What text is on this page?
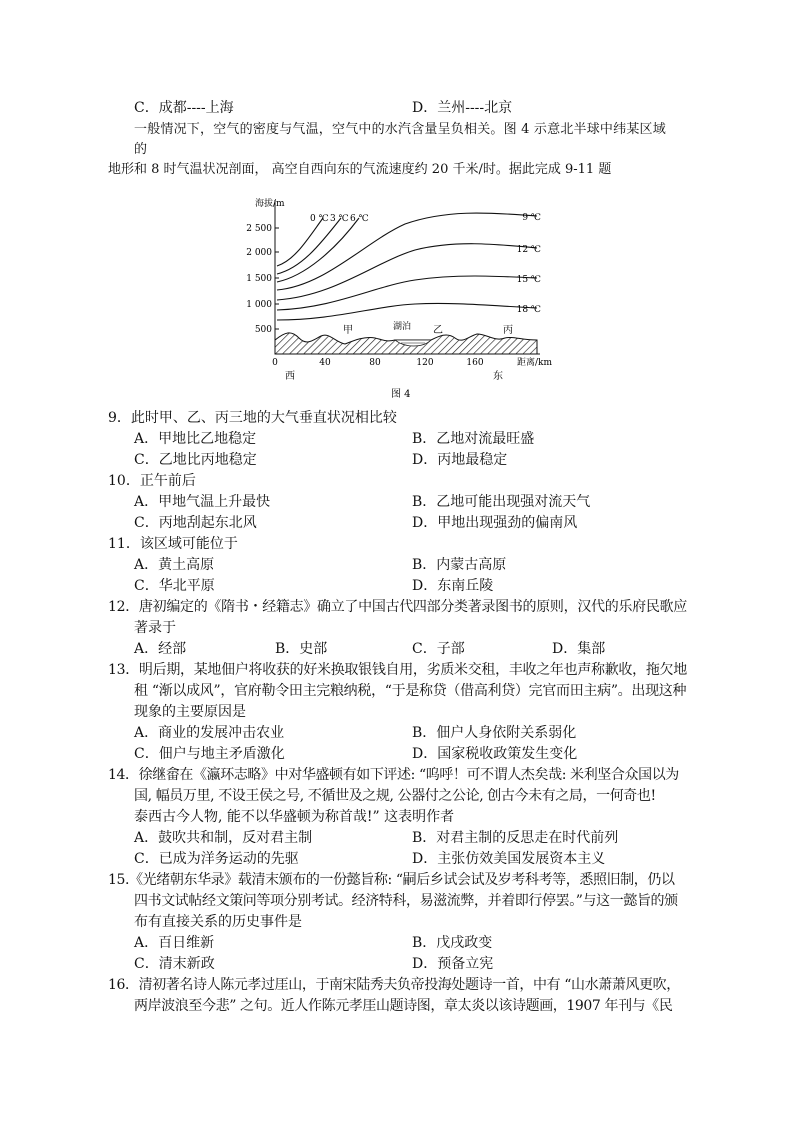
C．成都----上海	D．兰州----北京
一般情况下，空气的密度与气温，空气中的水汽含量呈负相关。图 4 示意北半球中纬某区域
的
地形和 8 时气温状况剖面， 高空自西向东的气流速度约 20 千米/时。据此完成 9-11 题
海拔/m
2 500
2 000
1 500
1 000
500
0	40	80	120	160	距离/km
西	东
图 4
0 ℃ 3 ℃ 6 ℃	9 ℃
12 ℃
15 ℃
18 ℃
湖泊
甲	乙	丙
9．此时甲、乙、丙三地的大气垂直状况相比较
A．甲地比乙地稳定	B．乙地对流最旺盛
C．乙地比丙地稳定	D．丙地最稳定
10．正午前后
A．甲地气温上升最快	B．乙地可能出现强对流天气
C．丙地刮起东北风	D．甲地出现强劲的偏南风
11．该区域可能位于
A．黄土高原	B．内蒙古高原
C．华北平原	D．东南丘陵
12．唐初编定的《隋书・经籍志》确立了中国古代四部分类著录图书的原则，汉代的乐府民歌应
著录于
A．经部	B．史部	C．子部	D．集部
13．明后期，某地佃户将收获的好米换取银钱自用，劣质米交租，丰收之年也声称歉收，拖欠地
租 “渐以成风”，官府勒令田主完粮纳税，“于是称贷（借高利贷）完官而田主病”。出现这种
现象的主要原因是
A．商业的发展冲击农业	B．佃户人身依附关系弱化
C．佃户与地主矛盾激化	D．国家税收政策发生变化
14．徐继畲在《瀛环志略》中对华盛顿有如下评述: “呜呼！可不谓人杰矣哉: 米利坚合众国以为
国, 幅员万里, 不设王侯之号, 不循世及之规, 公器付之公论, 创古今未有之局，一何奇也!
泰西古今人物, 能不以华盛顿为称首哉!” 这表明作者
A．鼓吹共和制，反对君主制	B．对君主制的反思走在时代前列
C．已成为洋务运动的先驱	D．主张仿效美国发展资本主义
15.《光绪朝东华录》载清末颁布的一份懿旨称: “嗣后乡试会试及岁考科考等，悉照旧制，仍以
四书文试帖经文策问等项分别考试。经济特科，易滋流弊，并着即行停罢。”与这一懿旨的颁
布有直接关系的历史事件是
A．百日维新	B．戊戌政变
C．清末新政	D．预备立宪
16．清初著名诗人陈元孝过厓山，于南宋陆秀夫负帝投海处题诗一首，中有 “山水萧萧风更吹，
两岸波浪至今悲” 之句。近人作陈元孝厓山题诗图，章太炎以该诗题画，1907 年刊与《民
